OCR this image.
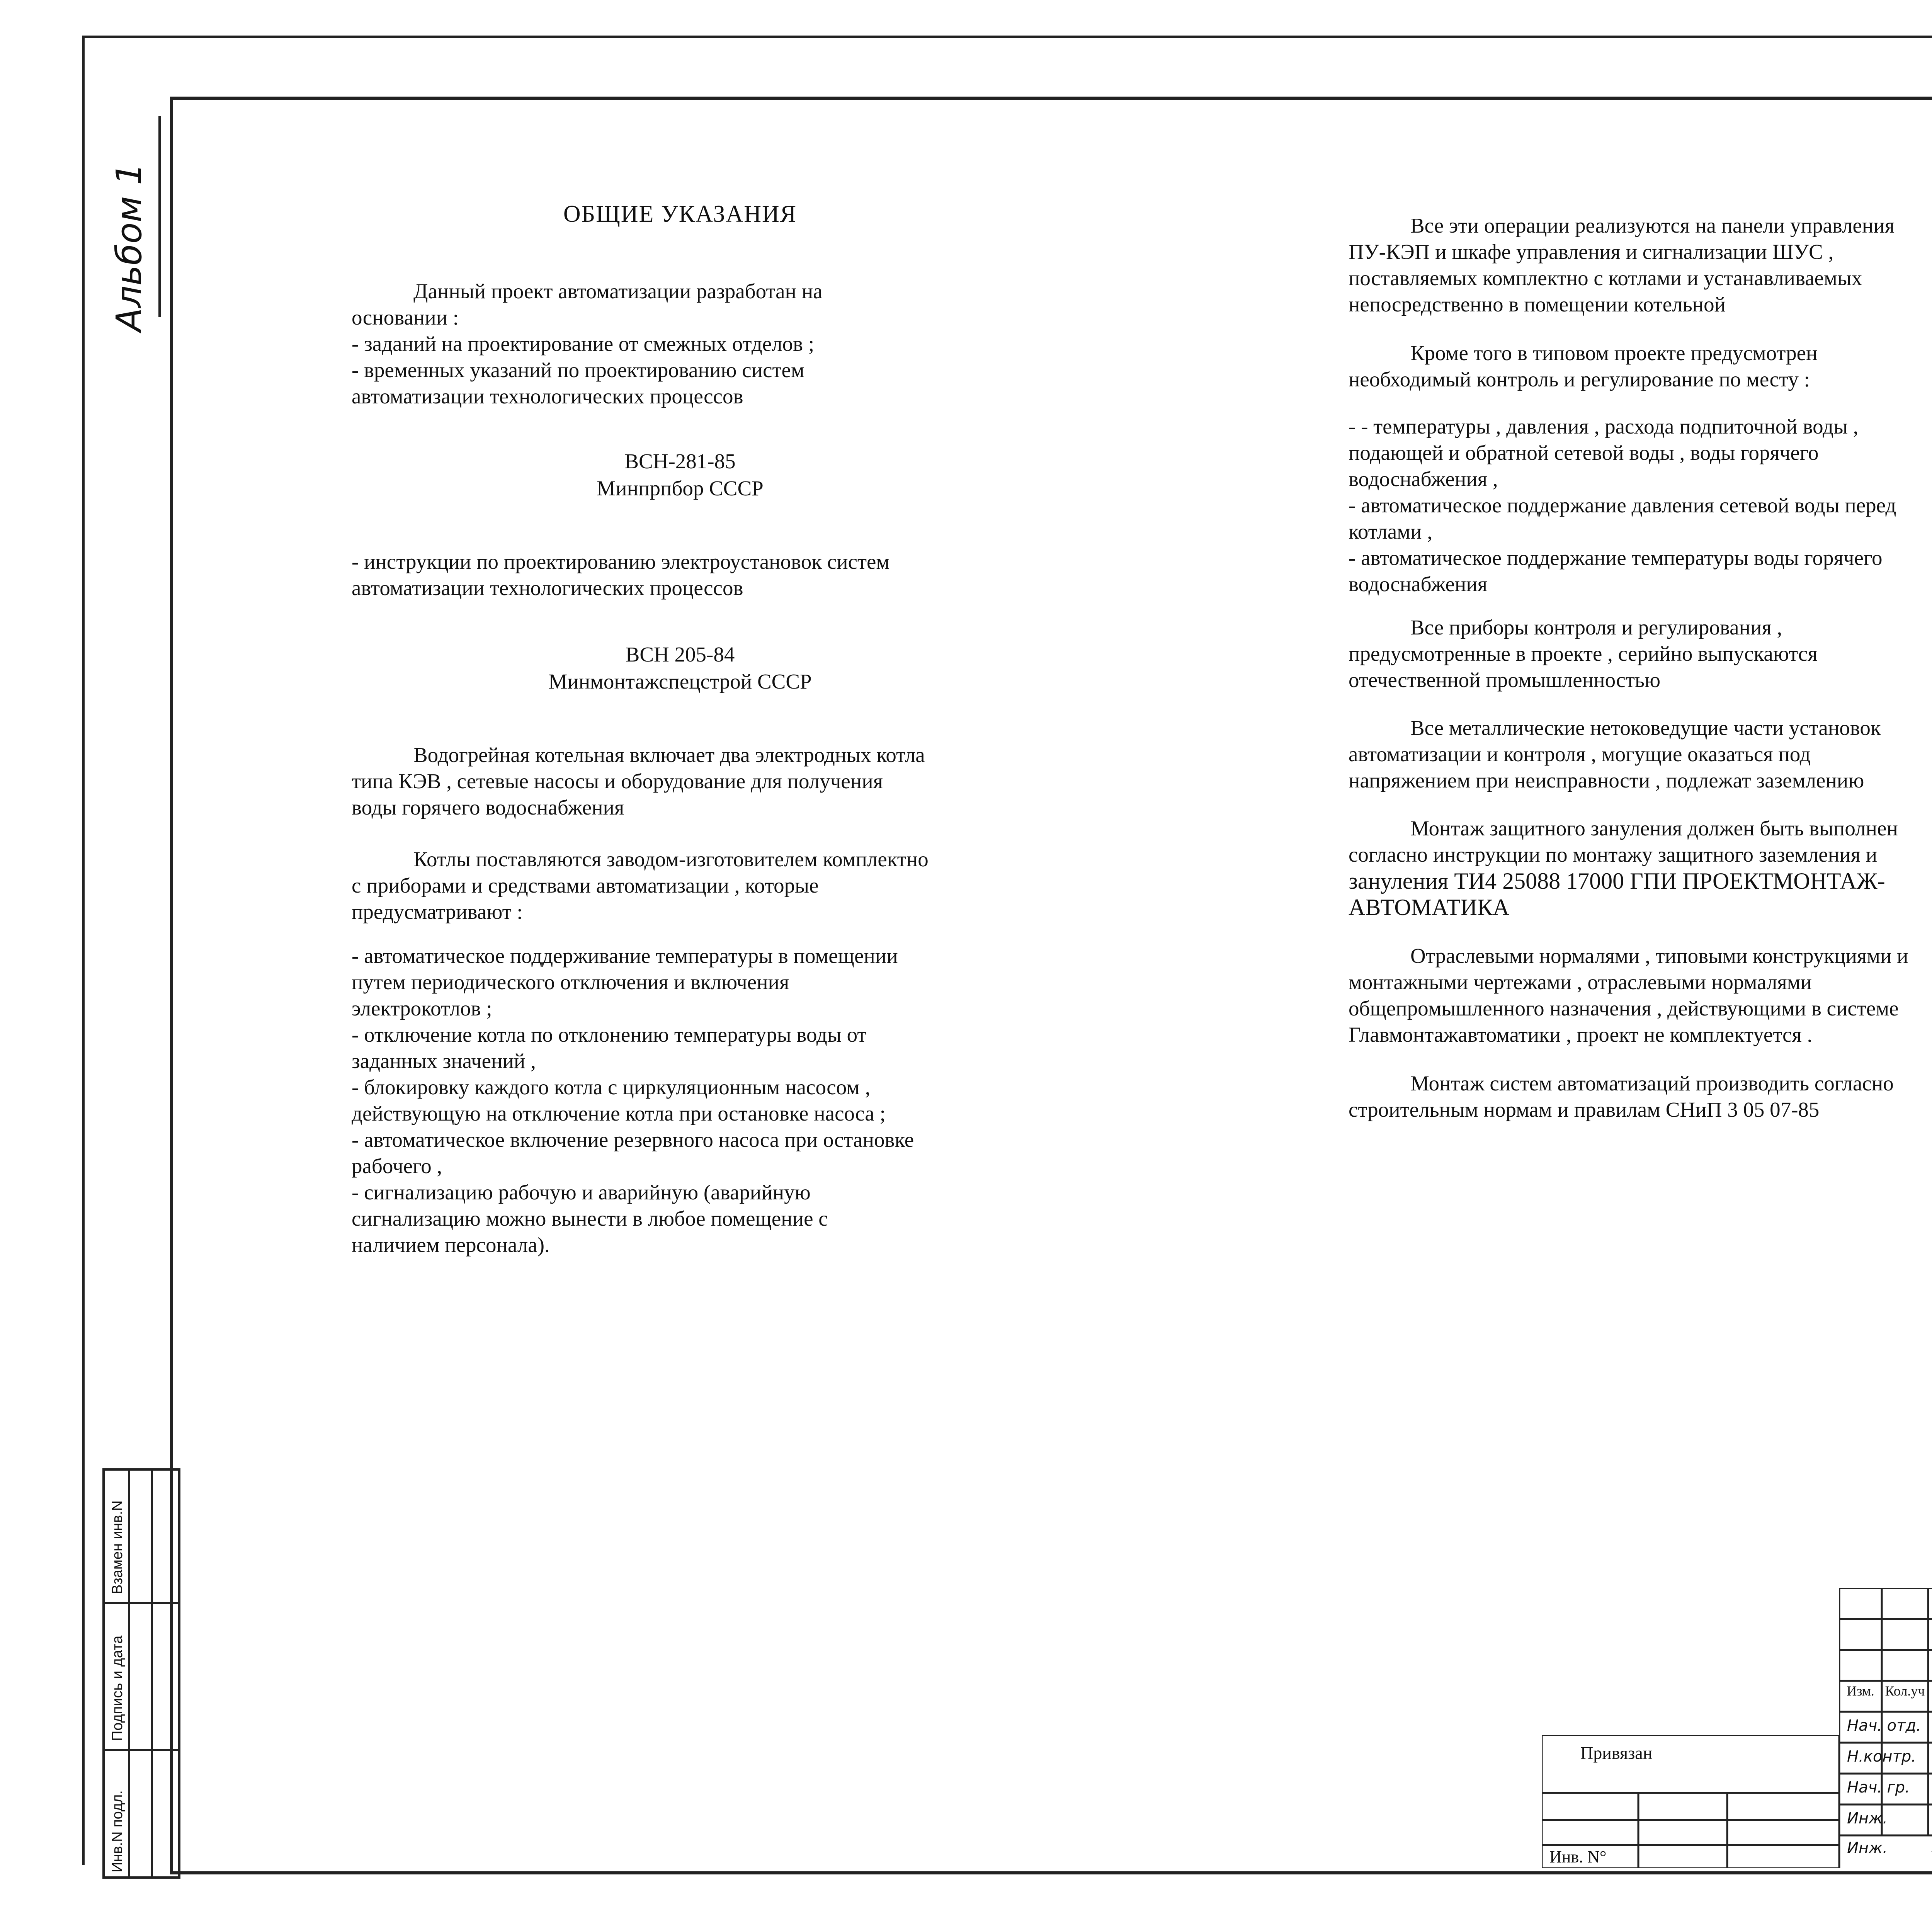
Альбом 1
Инв.N подл.
Подпись и дата
Взамен инв.N
ОБЩИЕ УКАЗАНИЯ

Данный проект автоматизации разработан на

основании :

- заданий на проектирование от смежных отделов ;

- временных указаний по проектированию систем

автоматизации технологических процессов

ВСН-281-85
Минпрпбор СССР

- инструкции по проектированию электроустановок систем

автоматизации технологических процессов

ВСН 205-84
Минмонтажспецстрой СССР

Водогрейная котельная включает два электродных котла

типа КЭВ , сетевые насосы и оборудование для получения

воды горячего водоснабжения

Котлы поставляются заводом-изготовителем комплектно

с приборами и средствами автоматизации , которые

предусматривают :

- автоматическое поддерживание температуры в помещении

путем периодического отключения и включения

электрокотлов ;

- отключение котла по отклонению температуры воды от

заданных значений ,

- блокировку каждого котла с циркуляционным насосом ,

действующую на отключение котла при остановке насоса ;

- автоматическое включение резервного насоса при остановке

рабочего ,

- сигнализацию рабочую и аварийную (аварийную

сигнализацию можно вынести в любое помещение с

наличием персонала).

Все эти операции реализуются на панели управления

ПУ-КЭП и шкафе управления и сигнализации ШУС ,

поставляемых комплектно с котлами и устанавливаемых

непосредственно в помещении котельной

Кроме того в типовом проекте предусмотрен

необходимый контроль и регулирование по месту :

- - температуры , давления , расхода подпиточной воды ,

подающей и обратной сетевой воды , воды горячего

водоснабжения ,

- автоматическое поддержание давления сетевой воды перед

котлами ,

- автоматическое поддержание температуры воды горячего

водоснабжения

Все приборы контроля и регулирования ,

предусмотренные в проекте , серийно выпускаются

отечественной промышленностью

Все металлические нетоковедущие части установок

автоматизации и контроля , могущие оказаться под

напряжением при неисправности , подлежат заземлению

Монтаж защитного зануления должен быть выполнен

согласно инструкции по монтажу защитного заземления и

зануления ТИ4 25088 17000 ГПИ ПРОЕКТМОНТАЖ-

АВТОМАТИКА

Отраслевыми нормалями , типовыми конструкциями и

монтажными чертежами , отраслевыми нормалями

общепромышленного назначения , действующими в системе

Главмонтажавтоматики , проект не комплектуется .

Монтаж систем автоматизаций производить согласно

строительным нормам и правилам СНиП 3 05 07-85

Привязан
Инв. N°
Изм. Кол.уч
Нач. отд.
Н.контр.
Нач. гр.
Инж.
Инж.
